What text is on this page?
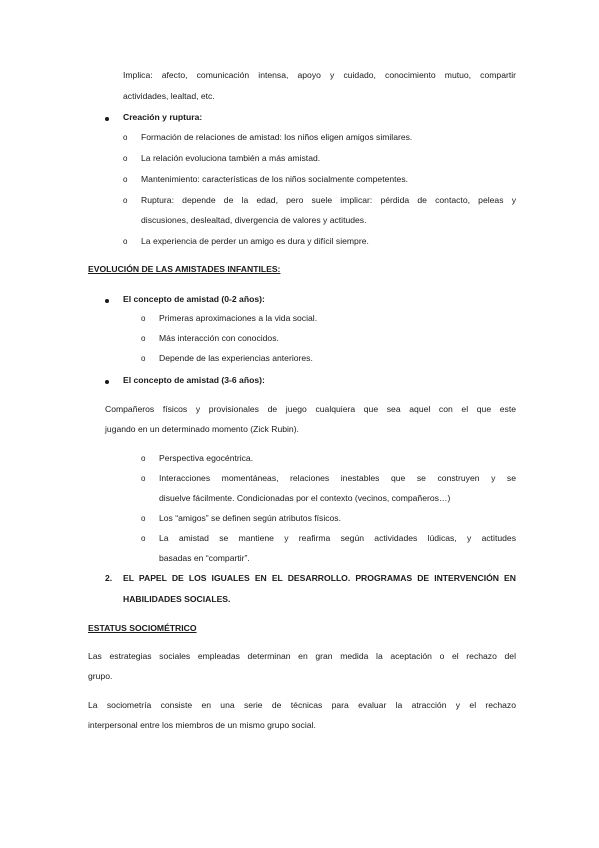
Implica: afecto, comunicación intensa, apoyo y cuidado, conocimiento mutuo, compartir
actividades, lealtad, etc.
Creación y ruptura:
o Formación de relaciones de amistad: los niños eligen amigos similares.
o La relación evoluciona también a más amistad.
o Mantenimiento: características de los niños socialmente competentes.
o Ruptura: depende de la edad, pero suele implicar: pérdida de contacto, peleas y
discusiones, deslealtad, divergencia de valores y actitudes.
o La experiencia de perder un amigo es dura y difícil siempre.
EVOLUCIÓN DE LAS AMISTADES INFANTILES:
El concepto de amistad (0-2 años):
o Primeras aproximaciones a la vida social.
o Más interacción con conocidos.
o Depende de las experiencias anteriores.
El concepto de amistad (3-6 años):
Compañeros físicos y provisionales de juego cualquiera que sea aquel con el que este
jugando en un determinado momento (Zick Rubin).
o Perspectiva egocéntrica.
o Interacciones momentáneas, relaciones inestables que se construyen y se
disuelve fácilmente. Condicionadas por el contexto (vecinos, compañeros…)
o Los “amigos” se definen según atributos físicos.
o La amistad se mantiene y reafirma según actividades lúdicas, y actitudes
basadas en “compartir”.
2. EL PAPEL DE LOS IGUALES EN EL DESARROLLO. PROGRAMAS DE INTERVENCIÓN EN
HABILIDADES SOCIALES.
ESTATUS SOCIOMÉTRICO
Las estrategias sociales empleadas determinan en gran medida la aceptación o el rechazo del
grupo.
La sociometría consiste en una serie de técnicas para evaluar la atracción y el rechazo
interpersonal entre los miembros de un mismo grupo social.
